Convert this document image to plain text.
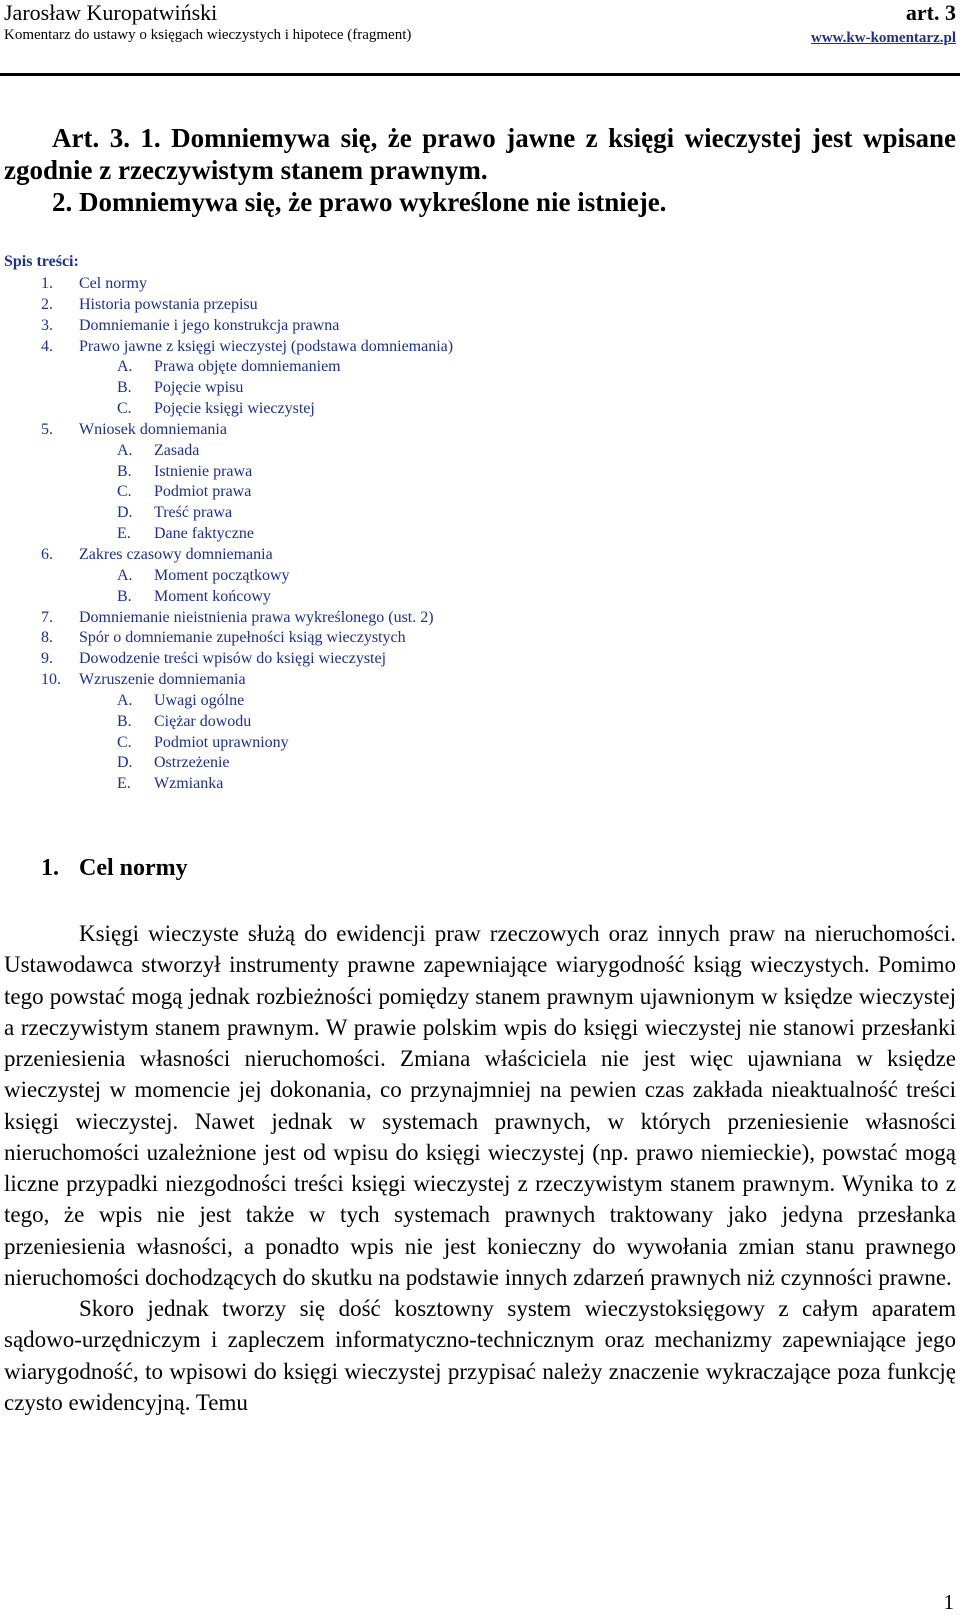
Jarosław Kuropatwiński	art. 3
Komentarz do ustawy o księgach wieczystych i hipotece (fragment)	www.kw-komentarz.pl

Art. 3. 1. Domniemywa się, że prawo jawne z księgi wieczystej jest wpisane zgodnie z rzeczywistym stanem prawnym.

2. Domniemywa się, że prawo wykreślone nie istnieje.

Spis treści:
1. Cel normy
2. Historia powstania przepisu
3. Domniemanie i jego konstrukcja prawna
4. Prawo jawne z księgi wieczystej (podstawa domniemania)
A. Prawa objęte domniemaniem
B. Pojęcie wpisu
C. Pojęcie księgi wieczystej
5. Wniosek domniemania
A. Zasada
B. Istnienie prawa
C. Podmiot prawa
D. Treść prawa
E. Dane faktyczne
6. Zakres czasowy domniemania
A. Moment początkowy
B. Moment końcowy
7. Domniemanie nieistnienia prawa wykreślonego (ust. 2)
8. Spór o domniemanie zupełności ksiąg wieczystych
9. Dowodzenie treści wpisów do księgi wieczystej
10. Wzruszenie domniemania
A. Uwagi ogólne
B. Ciężar dowodu
C. Podmiot uprawniony
D. Ostrzeżenie
E. Wzmianka
1. Cel normy

Księgi wieczyste służą do ewidencji praw rzeczowych oraz innych praw na nieruchomości. Ustawodawca stworzył instrumenty prawne zapewniające wiarygodność ksiąg wieczystych. Pomimo tego powstać mogą jednak rozbieżności pomiędzy stanem prawnym ujawnionym w księdze wieczystej a rzeczywistym stanem prawnym. W prawie polskim wpis do księgi wieczystej nie stanowi przesłanki przeniesienia własności nieruchomości. Zmiana właściciela nie jest więc ujawniana w księdze wieczystej w momencie jej dokonania, co przynajmniej na pewien czas zakłada nieaktualność treści księgi wieczystej. Nawet jednak w systemach prawnych, w których przeniesienie własności nieruchomości uzależnione jest od wpisu do księgi wieczystej (np. prawo niemieckie), powstać mogą liczne przypadki niezgodności treści księgi wieczystej z rzeczywistym stanem prawnym. Wynika to z tego, że wpis nie jest także w tych systemach prawnych traktowany jako jedyna przesłanka przeniesienia własności, a ponadto wpis nie jest konieczny do wywołania zmian stanu prawnego nieruchomości dochodzących do skutku na podstawie innych zdarzeń prawnych niż czynności prawne.

Skoro jednak tworzy się dość kosztowny system wieczystoksięgowy z całym aparatem sądowo-urzędniczym i zapleczem informatyczno-technicznym oraz mechanizmy zapewniające jego wiarygodność, to wpisowi do księgi wieczystej przypisać należy znaczenie wykraczające poza funkcję czysto ewidencyjną. Temu

1
